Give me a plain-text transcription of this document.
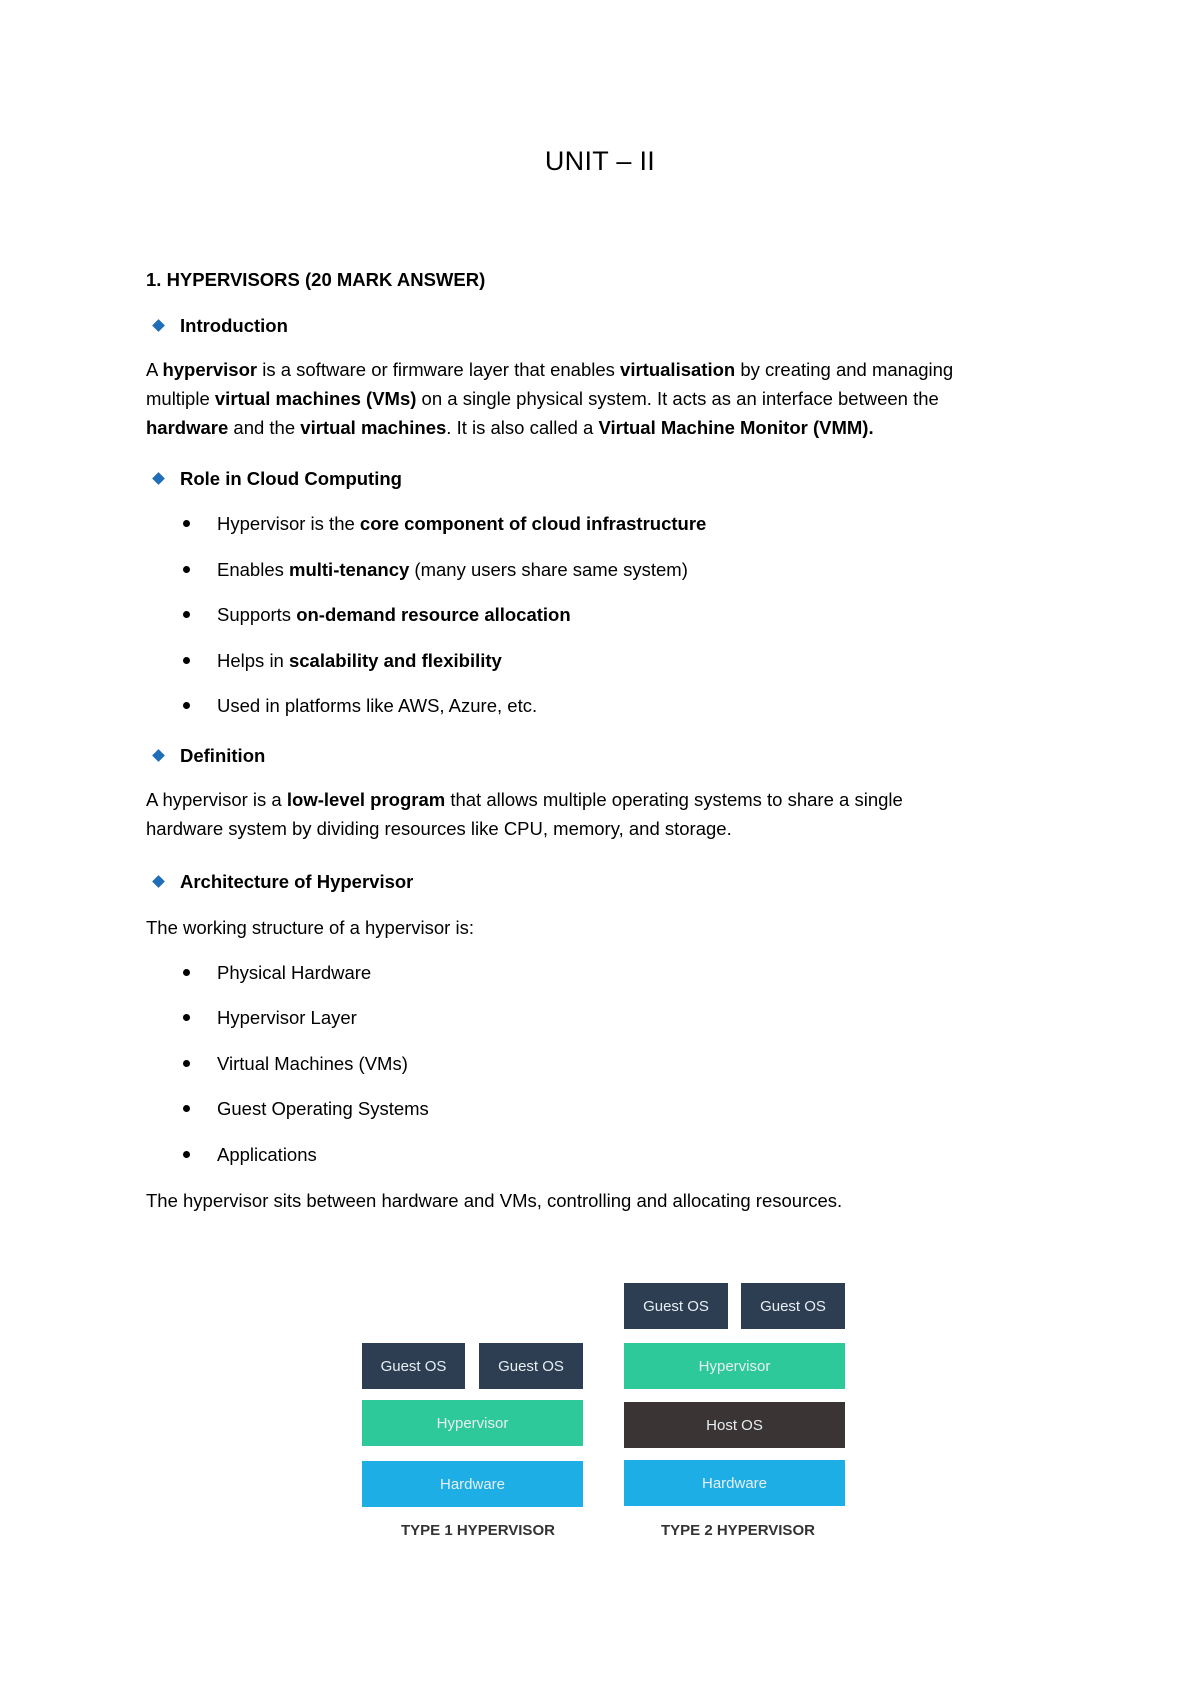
UNIT – II
1. HYPERVISORS (20 MARK ANSWER)
Introduction
A hypervisor is a software or firmware layer that enables virtualisation by creating and managing
multiple virtual machines (VMs) on a single physical system. It acts as an interface between the
hardware and the virtual machines. It is also called a Virtual Machine Monitor (VMM).
Role in Cloud Computing
Hypervisor is the core component of cloud infrastructure
Enables multi-tenancy (many users share same system)
Supports on-demand resource allocation
Helps in scalability and flexibility
Used in platforms like AWS, Azure, etc.
Definition
A hypervisor is a low-level program that allows multiple operating systems to share a single
hardware system by dividing resources like CPU, memory, and storage.
Architecture of Hypervisor
The working structure of a hypervisor is:
Physical Hardware
Hypervisor Layer
Virtual Machines (VMs)
Guest Operating Systems
Applications
The hypervisor sits between hardware and VMs, controlling and allocating resources.
Guest OS	Guest OS
Hypervisor
Hardware
TYPE 1 HYPERVISOR
Guest OS	Guest OS
Hypervisor
Host OS
Hardware
TYPE 2 HYPERVISOR
